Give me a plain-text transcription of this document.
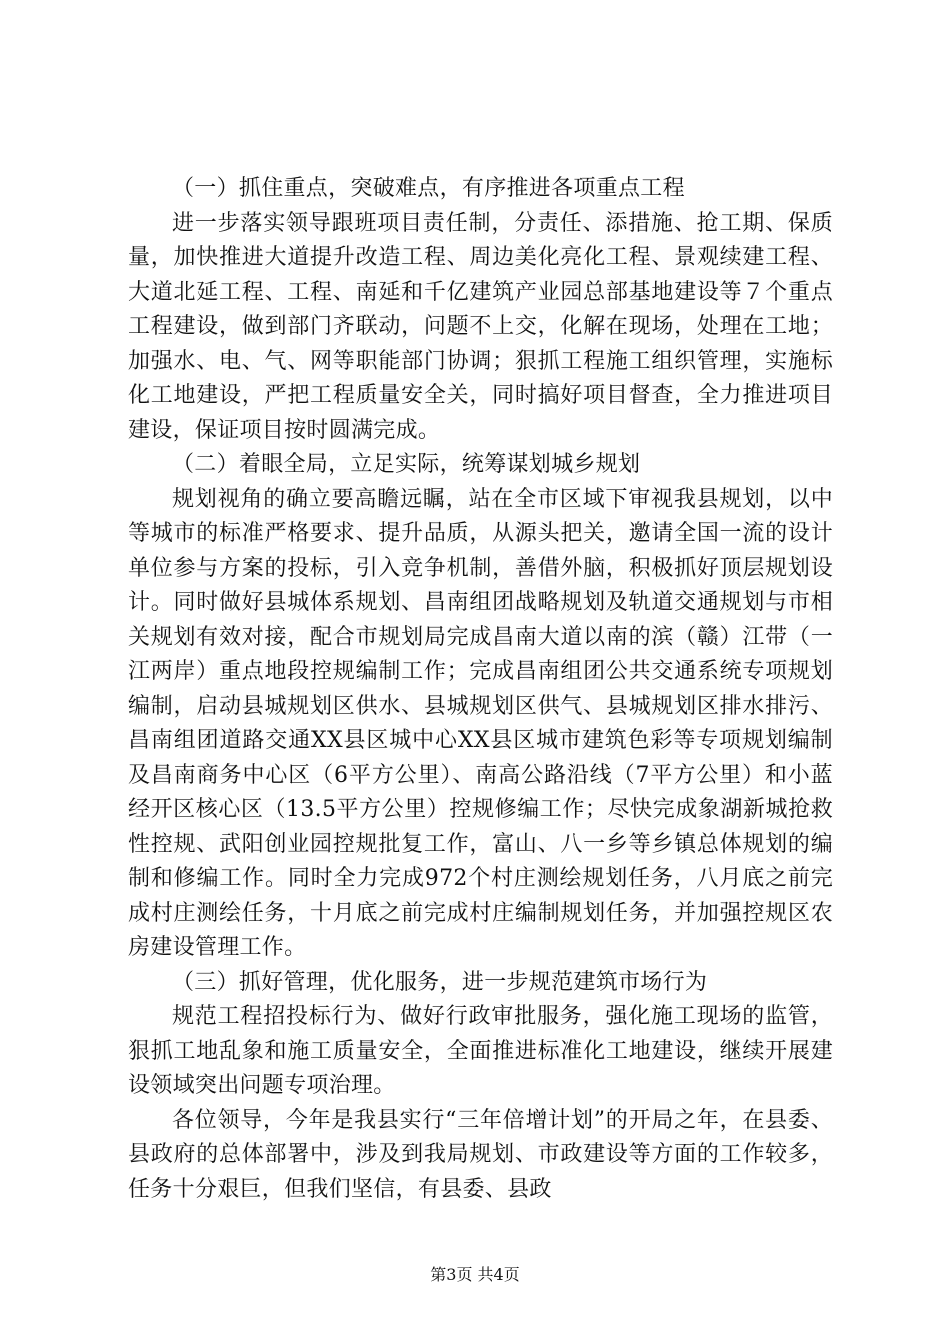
（一）抓住重点，突破难点，有序推进各项重点工程

进一步落实领导跟班项目责任制，分责任、添措施、抢工期、保质量，加快推进大道提升改造工程、周边美化亮化工程、景观续建工程、大道北延工程、工程、南延和千亿建筑产业园总部基地建设等７个重点工程建设，做到部门齐联动，问题不上交，化解在现场，处理在工地；加强水、电、气、网等职能部门协调；狠抓工程施工组织管理，实施标化工地建设，严把工程质量安全关，同时搞好项目督查，全力推进项目建设，保证项目按时圆满完成。

（二）着眼全局，立足实际，统筹谋划城乡规划

规划视角的确立要高瞻远瞩，站在全市区域下审视我县规划，以中等城市的标准严格要求、提升品质，从源头把关，邀请全国一流的设计单位参与方案的投标，引入竞争机制，善借外脑，积极抓好顶层规划设计。同时做好县城体系规划、昌南组团战略规划及轨道交通规划与市相关规划有效对接，配合市规划局完成昌南大道以南的滨（赣）江带（一江两岸）重点地段控规编制工作；完成昌南组团公共交通系统专项规划编制，启动县城规划区供水、县城规划区供气、县城规划区排水排污、昌南组团道路交通XX县区城中心XX县区城市建筑色彩等专项规划编制及昌南商务中心区（6平方公里）、南高公路沿线（7平方公里）和小蓝经开区核心区（13.5平方公里）控规修编工作；尽快完成象湖新城抢救性控规、武阳创业园控规批复工作，富山、八一乡等乡镇总体规划的编制和修编工作。同时全力完成972个村庄测绘规划任务，八月底之前完成村庄测绘任务，十月底之前完成村庄编制规划任务，并加强控规区农房建设管理工作。

（三）抓好管理，优化服务，进一步规范建筑市场行为

规范工程招投标行为、做好行政审批服务，强化施工现场的监管，狠抓工地乱象和施工质量安全，全面推进标准化工地建设，继续开展建设领域突出问题专项治理。

各位领导，今年是我县实行“三年倍增计划”的开局之年，在县委、县政府的总体部署中，涉及到我局规划、市政建设等方面的工作较多，任务十分艰巨，但我们坚信，有县委、县政

第3页 共4页
